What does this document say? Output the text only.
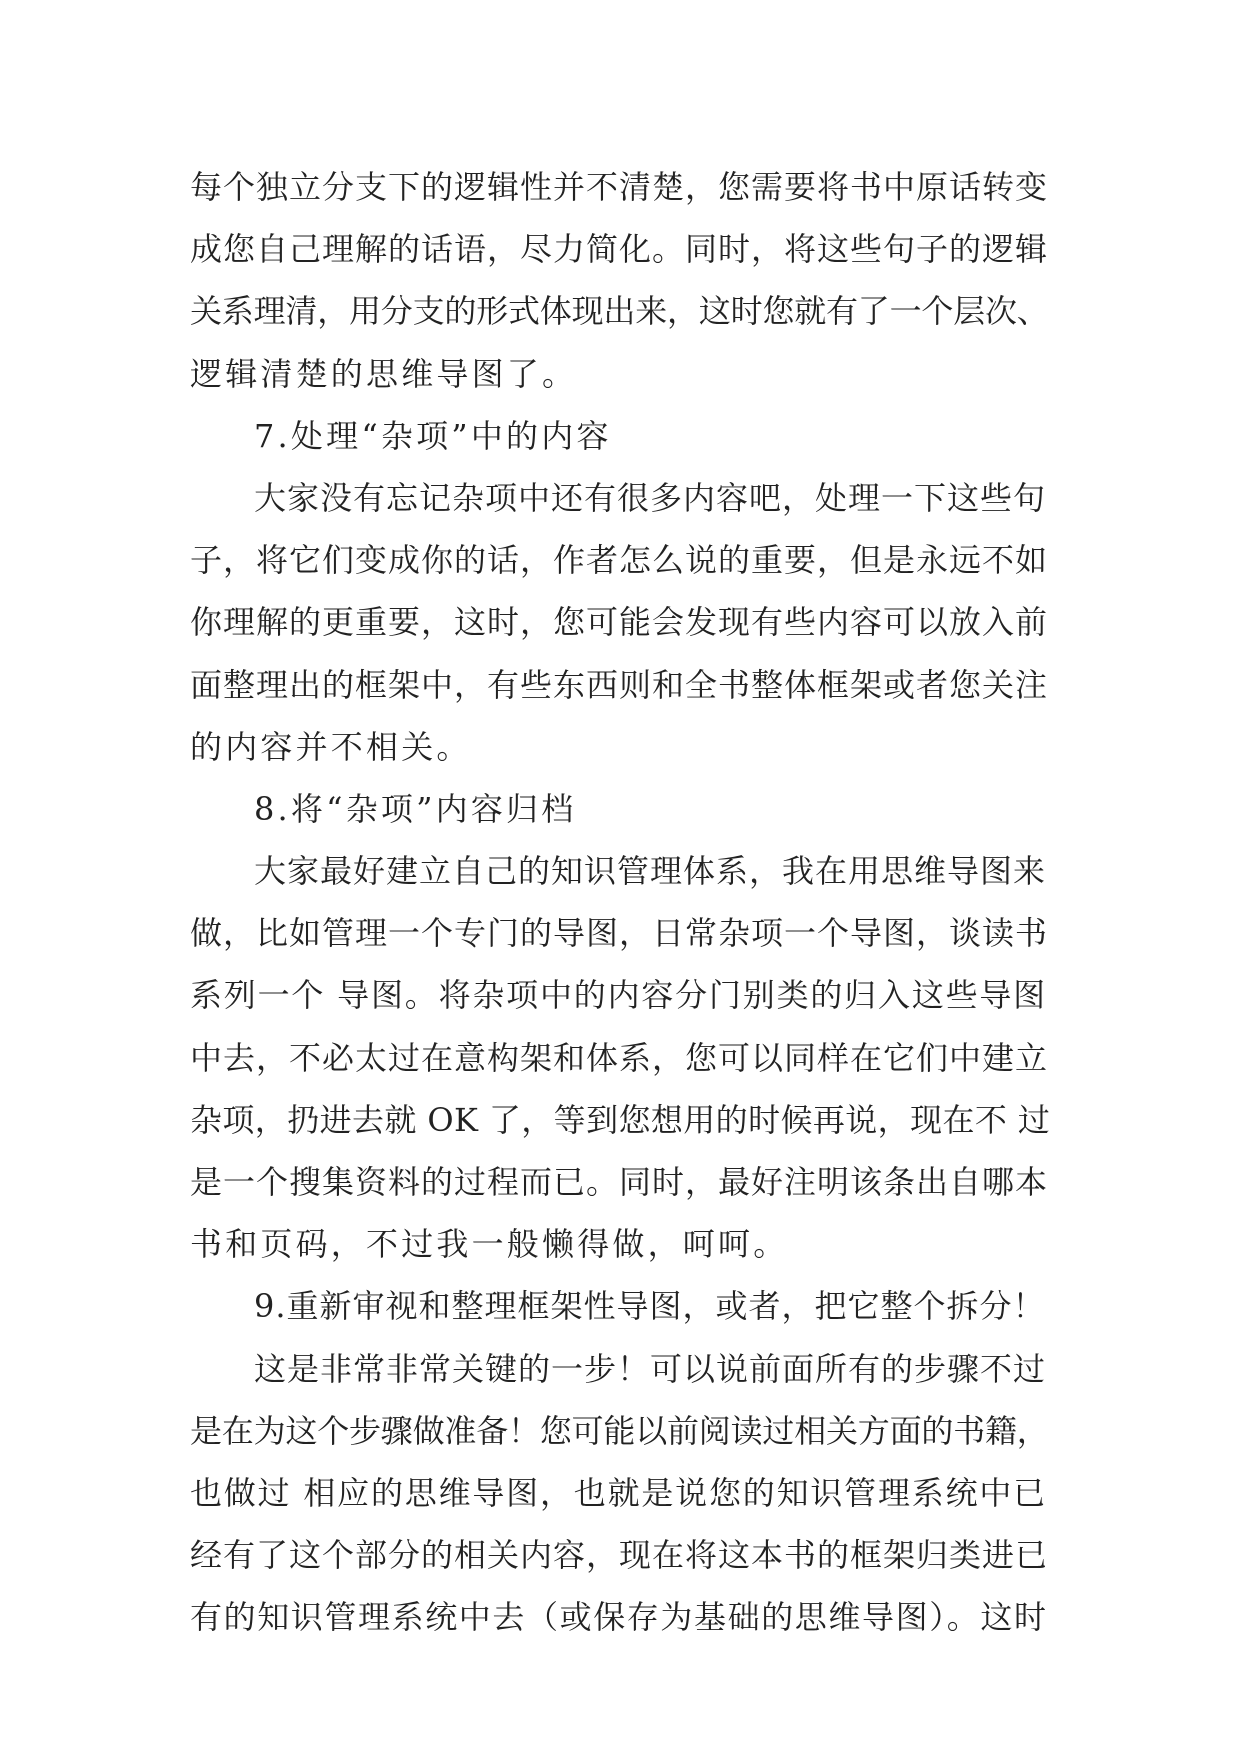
每个独立分支下的逻辑性并不清楚，您需要将书中原话转变
成您自己理解的话语，尽力简化。同时，将这些句子的逻辑
关系理清，用分支的形式体现出来，这时您就有了一个层次、
逻辑清楚的思维导图了。
7.处理“杂项”中的内容
大家没有忘记杂项中还有很多内容吧，处理一下这些句
子，将它们变成你的话，作者怎么说的重要，但是永远不如
你理解的更重要，这时，您可能会发现有些内容可以放入前
面整理出的框架中，有些东西则和全书整体框架或者您关注
的内容并不相关。
8.将“杂项”内容归档
大家最好建立自己的知识管理体系，我在用思维导图来
做，比如管理一个专门的导图，日常杂项一个导图，谈读书
系列一个 导图。将杂项中的内容分门别类的归入这些导图
中去，不必太过在意构架和体系，您可以同样在它们中建立
杂项，扔进去就 OK 了，等到您想用的时候再说，现在不 过
是一个搜集资料的过程而已。同时，最好注明该条出自哪本
书和页码，不过我一般懒得做，呵呵。
9.重新审视和整理框架性导图，或者，把它整个拆分！
这是非常非常关键的一步！可以说前面所有的步骤不过
是在为这个步骤做准备！您可能以前阅读过相关方面的书籍，
也做过 相应的思维导图，也就是说您的知识管理系统中已
经有了这个部分的相关内容，现在将这本书的框架归类进已
有的知识管理系统中去（或保存为基础的思维导图）。这时
